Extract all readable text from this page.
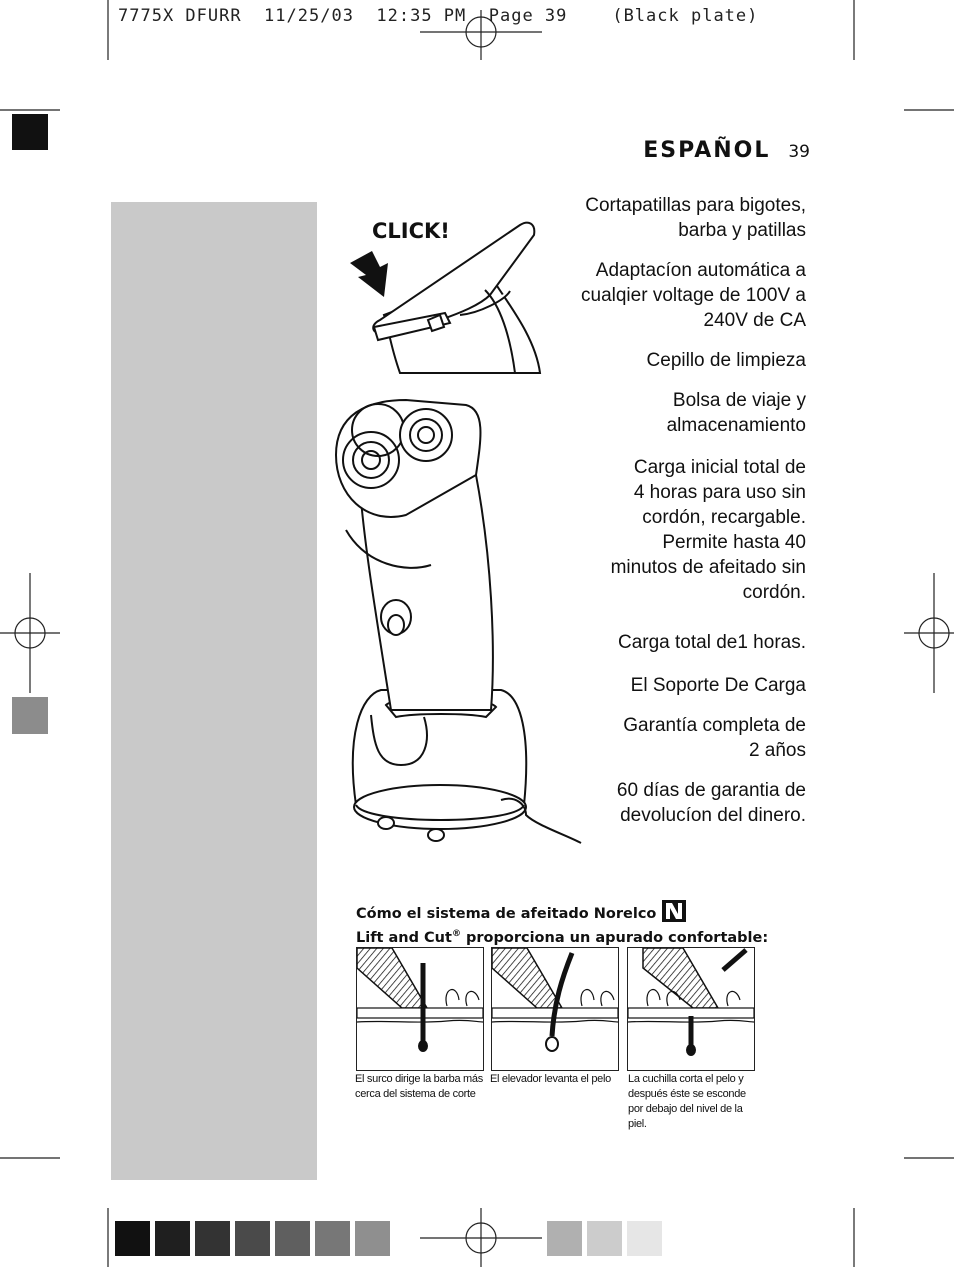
7775X DFURR  11/25/03  12:35 PM  Page 39    (Black plate)
ESPAÑOL 39
CLICK!
Cortapatillas para bigotes,
barba y patillas
Adaptacíon automática a
cualqier voltage de 100V a
240V de CA
Cepillo de limpieza
Bolsa de viaje y
almacenamiento
Carga inicial total de
4 horas para uso sin
cordón, recargable.
Permite hasta 40
minutos de afeitado sin
cordón.
Carga total de1 horas.
El Soporte De Carga
Garantía completa de
2 años
60 días de garantia de
devolucíon del dinero.
Cómo el sistema de afeitado Norelco
Lift and Cut® proporciona un apurado confortable:
El surco dirige la barba más cerca del sistema de corte
El elevador levanta el pelo	La cuchilla corta el pelo y después éste se esconde por debajo del nivel de la piel.
